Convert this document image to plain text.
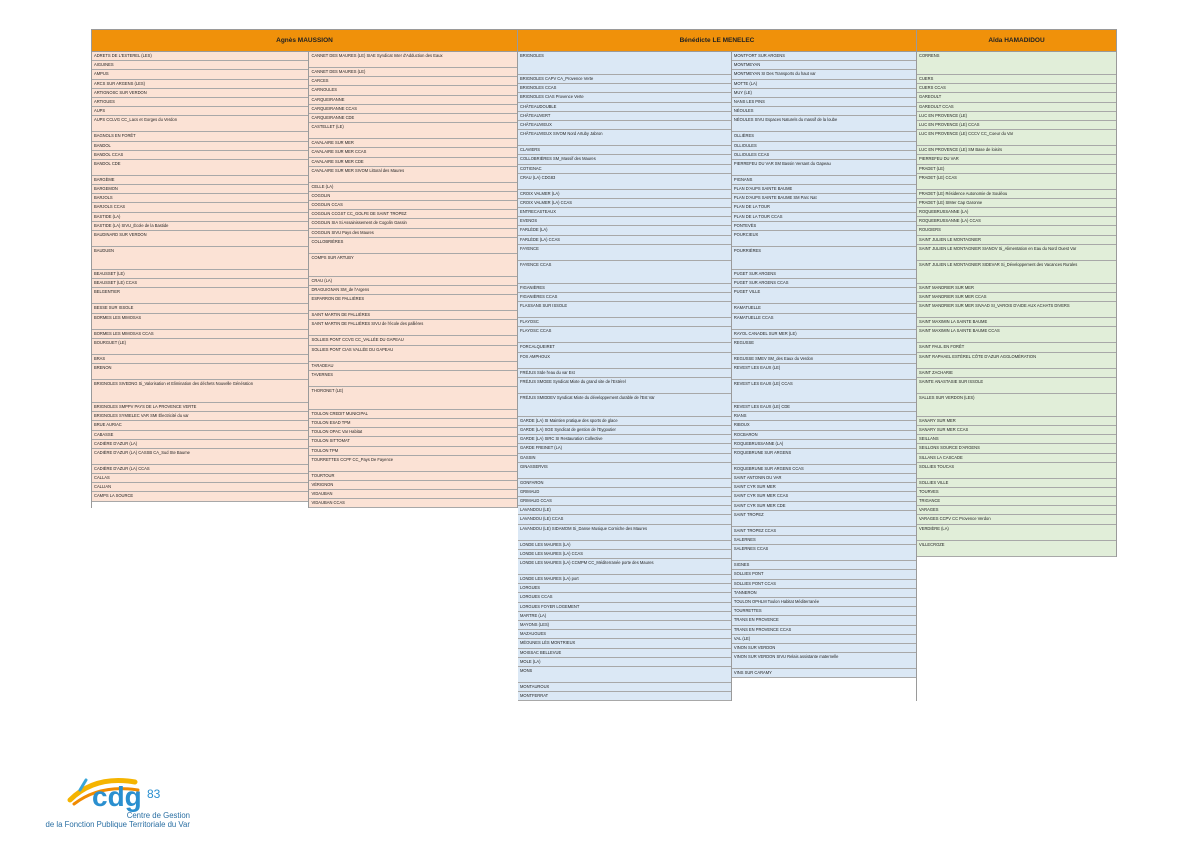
Agnès MAUSSION
ADRETS DE L'ESTEREL (LES)
AIGUINES
AMPUS
ARCS SUR ARGENS (LES)
ARTIGNOSC SUR VERDON
ARTIGUES
AUPS
AUPS CCLVG CC_Lacs et Gorges du Verdon
BAGNOLS EN FORÊT
BANDOL
BANDOL CCAS
BANDOL CDE
BARGÈME
BARGEMON
BARJOLS
BARJOLS CCAS
BASTIDE (LA)
BASTIDE (LA) SIVU_École de la Bastide
BAUDINARD SUR VERDON
BAUDUEN
BEAUSSET (LE)
BEAUSSET (LE) CCAS
BELGENTIER
BESSE SUR ISSOLE
BORMES LES MIMOSAS
BORMES LES MIMOSAS CCAS
BOURGUET (LE)
BRAS
BRENON
BRIGNOLES SIVEDNG Si_Valorisation et Elimination des déchets Nouvelle Génération
BRIGNOLES SMPPV PAYS DE LA PROVENCE VERTE
BRIGNOLES SYMIELEC VAR SMI Électricité du var
BRUE AURIAC
CABASSE
CADIÈRE D'AZUR (LA)
CADIÈRE D'AZUR (LA) CASSB CA_Sud Ste Baume
CADIÈRE D'AZUR (LA) CCAS
CALLAS
CALLIAN
CAMPS LA SOURCE
CANNET DES MAURES (LE) SIAE Syndicat Inter d'Adduction des Eaux
CANNET DES MAURES (LE)
CARCES
CARNOULES
CARQUEIRANNE
CARQUEIRANNE CCAS
CARQUEIRANNE CDE
CASTELLET (LE)
CAVALAIRE SUR MER
CAVALAIRE SUR MER CCAS
CAVALAIRE SUR MER CDE
CAVALAIRE SUR MER SIVOM Littoral des Maures
CELLE (LA)
COGOLIN
COGOLIN CCAS
COGOLIN CCGST CC_GOLFE DE SAINT TROPEZ
COGOLIN SIA Si Assainissement de Cogolin Gassin
COGOLIN SIVU Pays des Maures
COLLOBRIÈRES
COMPS SUR ARTUBY
CRAU (LA)
DRAGUIGNAN SM_de l'Argens
ESPARRON DE PALLIÈRES
SAINT MARTIN DE PALLIÈRES
SAINT MARTIN DE PALLIÈRES SIVU de l'école des pallières
SOLLIES PONT CCVG CC_VALLÉE DU GAPEAU
SOLLIES PONT CIAS VALLÉE DU GAPEAU
TARADEAU
TAVERNES
THORONET (LE)
TOULON CREDIT MUNICIPAL
TOULON ESAD TPM
TOULON OPAC Var Habitat
TOULON SITTOMAT
TOULON TPM
TOURRETTES CCPF CC_Pays De Fayence
TOURTOUR
VÉRIGNON
VIDAUBAN
VIDAUBAN CCAS
Bénédicte LE MENELEC
BRIGNOLES
BRIGNOLES CAPV CA_Provence Verte
BRIGNOLES CCAS
BRIGNOLES CIAS Provence Verte
CHÂTEAUDOUBLE
CHÂTEAUVERT
CHÂTEAUVIEUX
CHÂTEAUVIEUX SIVOM Nord Artuby Jabron
CLAVIERS
COLLOBRIÈRES SM_Massif des Maures
COTIGNAC
CRAU (LA) CDG83
CROIX VALMER (LA)
CROIX VALMER (LA) CCAS
ENTRECASTEAUX
EVENOS
FARLÈDE (LA)
FARLÈDE (LA) CCAS
FAYENCE
FAYENCE CCAS
FIGANIÈRES
FIGANIÈRES CCAS
FLASSANS SUR ISSOLE
FLAYOSC
FLAYOSC CCAS
FORCALQUEIRET
FOX AMPHOUX
FRÉJUS SIde l'eau du var Est
FRÉJUS SMGEE Syndicat Mixte du grand site de l'Estérel
FRÉJUS SMIDDEV Syndicat Mixte du développement durable de l'Est Var
GARDE (LA) SI Maintien pratique des sports de glace
GARDE (LA) SGE Syndicat de gestion de l'Eygoutier
GARDE (LA) SIRC SI Restauration Collective
GARDE FREINET (LA)
GASSIN
GINASSERVIS
GONFARON
GRIMAUD
GRIMAUD CCAS
LAVANDOU (LE)
LAVANDOU (LE) CCAS
LAVANDOU (LE) SIDAMOM Si_Danse Musique Corniche des Maures
LONDE LES MAURES (LA)
LONDE LES MAURES (LA) CCAS
LONDE LES MAURES (LA) CCMPM CC_Méditerranée porte des Maures
LONDE LES MAURES (LA) port
LORGUES
LORGUES CCAS
LORGUES FOYER LOGEMENT
MARTRE (LA)
MAYONS (LES)
MAZAUGUES
MÉOUNES LÈS MONTRIEUX
MOISSAC BELLEVUE
MOLE (LA)
MONS
MONTAUROUX
MONTFERRAT
MONTFORT SUR ARGENS
MONTMEYAN
MONTMEYAN SI Des Transports du haut var
MOTTE (LA)
MUY (LE)
NANS LES PINS
NÉOULES
NÉOULES SIVU Espaces Naturels du massif de la loube
OLLIÈRES
OLLIOULES
OLLIOULES CCAS
PIERREFEU DU VAR SM Bassin Versant du Gapeau
PIGNANS
PLAN D'AUPS SAINTE BAUME
PLAN D'AUPS SAINTE BAUME SM Parc Nat
PLAN DE LA TOUR
PLAN DE LA TOUR CCAS
PONTEVÈS
POURCIEUX
POURRIÈRES
PUGET SUR ARGENS
PUGET SUR ARGENS CCAS
PUGET VILLE
RAMATUELLE
RAMATUELLE CCAS
RAYOL CANADEL SUR MER (LE)
REGUSSE
REGUSSE SMEV SM_des Eaux du Verdon
REVEST LES EAUX (LE)
REVEST LES EAUX (LE) CCAS
REVEST LES EAUX (LE) CDE
RIANS
RIBOUX
ROCBARON
ROQUEBRUSSANNE (LA)
ROQUEBRUNE SUR ARGENS
ROQUEBRUNE SUR ARGENS CCAS
SAINT ANTONIN DU VAR
SAINT CYR SUR MER
SAINT CYR SUR MER CCAS
SAINT CYR SUR MER CDE
SAINT TROPEZ
SAINT TROPEZ CCAS
SALERNES
SALERNES CCAS
SIGNES
SOLLIES PONT
SOLLIES PONT CCAS
TANNERON
TOULON OPHLM Toulon Habitat Méditerranée
TOURRETTES
TRANS EN PROVENCE
TRANS EN PROVENCE CCAS
VAL (LE)
VINON SUR VERDON
VINON SUR VERDON SIVU Relais assistante maternelle
VINS SUR CARAMY
Aïda HAMADIDOU
CORRENS
CUERS
CUERS CCAS
GAREOULT
GAREOULT CCAS
LUC EN PROVENCE (LE)
LUC EN PROVENCE (LE) CCAS
LUC EN PROVENCE (LE) CCCV CC_Coeur du Var
LUC EN PROVENCE (LE) SM Base de loisirs
PIERREFEU DU VAR
PRADET (LE)
PRADET (LE) CCAS
PRADET (LE) Résidence Autonomie de Souléou
PRADET (LE) SIMer Cap Garonne
ROQUEBRUSSANNE (LA)
ROQUEBRUSSANNE (LA) CCAS
ROUGIERS
SAINT JULIEN LE MONTAGNIER
SAINT JULIEN LE MONTAGNIER SIANOV Si_Alimentation en Eau du Nord Ouest Var
SAINT JULIEN LE MONTAGNIER SIDEVAR Si_Développement des Vacances Rurales
SAINT MANDRIER SUR MER
SAINT MANDRIER SUR MER CCAS
SAINT MANDRIER SUR MER SIVAAD SI_VAROIS D'AIDE AUX ACHATS DIVERS
SAINT MAXIMIN LA SAINTE BAUME
SAINT MAXIMIN LA SAINTE BAUME CCAS
SAINT PAUL EN FORÊT
SAINT RAPHAEL ESTÉREL CÔTE D'AZUR AGGLOMÉRATION
SAINT ZACHARIE
SAINTE ANASTASIE SUR ISSOLE
SALLES SUR VERDON (LES)
SANARY SUR MER
SANARY SUR MER CCAS
SEILLANS
SEILLONS SOURCE D'ARGENS
SILLANS LA CASCADE
SOLLIES TOUCAS
SOLLIES VILLE
TOURVES
TRIGANCE
VARAGES
VARAGES CCPV CC Provence Verdon
VERDIÈRE (LA)
VILLECROZE
cdg 83
Centre de Gestion
de la Fonction Publique Territoriale du Var
